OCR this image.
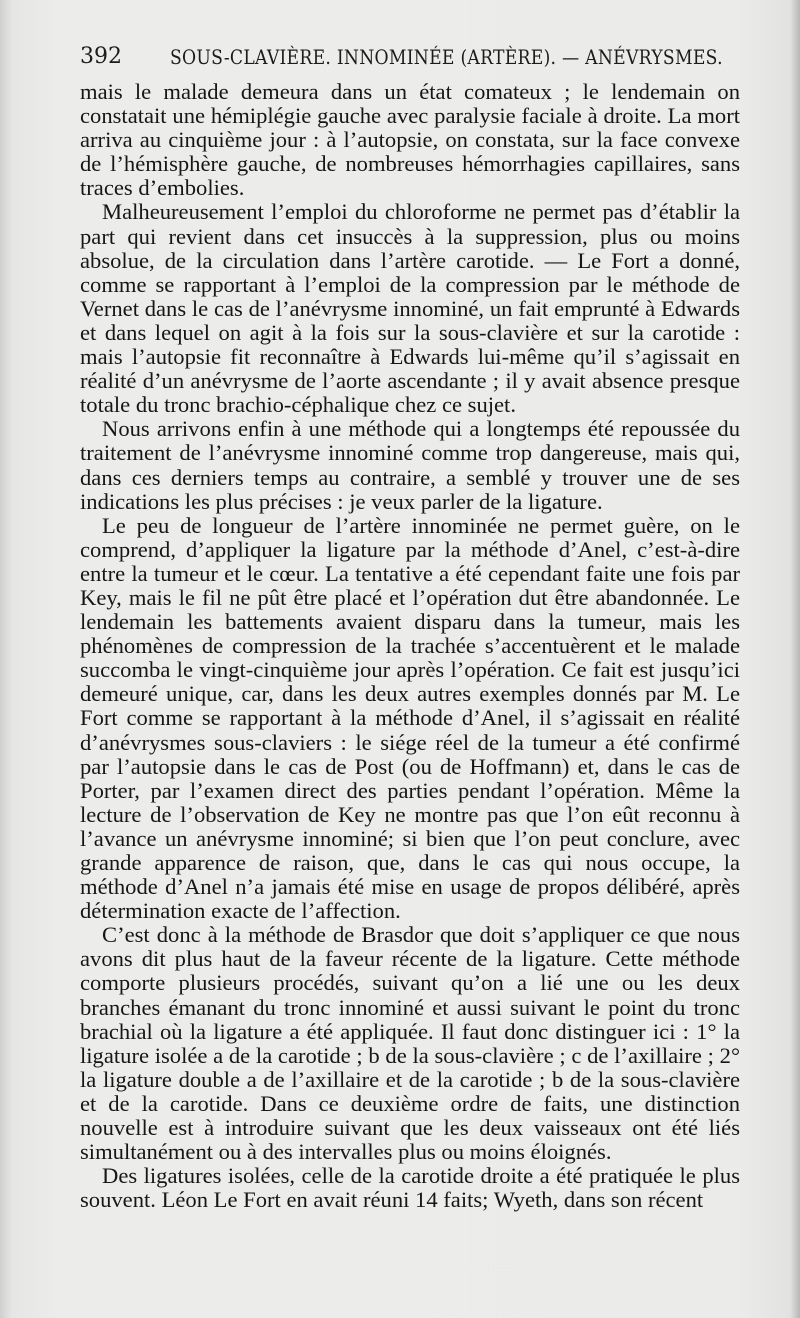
392 SOUS-CLAVIÈRE. INNOMINÉE (ARTÈRE). — ANÉVRYSMES.

mais le malade demeura dans un état comateux ; le lendemain on constatait une hémiplégie gauche avec paralysie faciale à droite. La mort arriva au cinquième jour : à l’autopsie, on constata, sur la face convexe de l’hémisphère gauche, de nombreuses hémorrhagies capillaires, sans traces d’embolies.

Malheureusement l’emploi du chloroforme ne permet pas d’établir la part qui revient dans cet insuccès à la suppression, plus ou moins absolue, de la circulation dans l’artère carotide. — Le Fort a donné, comme se rapportant à l’emploi de la compression par le méthode de Vernet dans le cas de l’anévrysme innominé, un fait emprunté à Edwards et dans lequel on agit à la fois sur la sous-clavière et sur la carotide : mais l’autopsie fit reconnaître à Edwards lui-même qu’il s’agissait en réalité d’un anévrysme de l’aorte ascendante ; il y avait absence presque totale du tronc brachio-céphalique chez ce sujet.

Nous arrivons enfin à une méthode qui a longtemps été repoussée du traitement de l’anévrysme innominé comme trop dangereuse, mais qui, dans ces derniers temps au contraire, a semblé y trouver une de ses indications les plus précises : je veux parler de la ligature.

Le peu de longueur de l’artère innominée ne permet guère, on le comprend, d’appliquer la ligature par la méthode d’Anel, c’est-à-dire entre la tumeur et le cœur. La tentative a été cependant faite une fois par Key, mais le fil ne pût être placé et l’opération dut être abandonnée. Le lendemain les battements avaient disparu dans la tumeur, mais les phénomènes de compression de la trachée s’accentuèrent et le malade succomba le vingt-cinquième jour après l’opération. Ce fait est jusqu’ici demeuré unique, car, dans les deux autres exemples donnés par M. Le Fort comme se rapportant à la méthode d’Anel, il s’agissait en réalité d’anévrysmes sous-claviers : le siége réel de la tumeur a été confirmé par l’autopsie dans le cas de Post (ou de Hoffmann) et, dans le cas de Porter, par l’examen direct des parties pendant l’opération. Même la lecture de l’observation de Key ne montre pas que l’on eût reconnu à l’avance un anévrysme innominé; si bien que l’on peut conclure, avec grande apparence de raison, que, dans le cas qui nous occupe, la méthode d’Anel n’a jamais été mise en usage de propos délibéré, après détermination exacte de l’affection.

C’est donc à la méthode de Brasdor que doit s’appliquer ce que nous avons dit plus haut de la faveur récente de la ligature. Cette méthode comporte plusieurs procédés, suivant qu’on a lié une ou les deux branches émanant du tronc innominé et aussi suivant le point du tronc brachial où la ligature a été appliquée. Il faut donc distinguer ici : 1° la ligature isolée a de la carotide ; b de la sous-clavière ; c de l’axillaire ; 2° la ligature double a de l’axillaire et de la carotide ; b de la sous-clavière et de la carotide. Dans ce deuxième ordre de faits, une distinction nouvelle est à introduire suivant que les deux vaisseaux ont été liés simultanément ou à des intervalles plus ou moins éloignés.

Des ligatures isolées, celle de la carotide droite a été pratiquée le plus souvent. Léon Le Fort en avait réuni 14 faits; Wyeth, dans son récent
